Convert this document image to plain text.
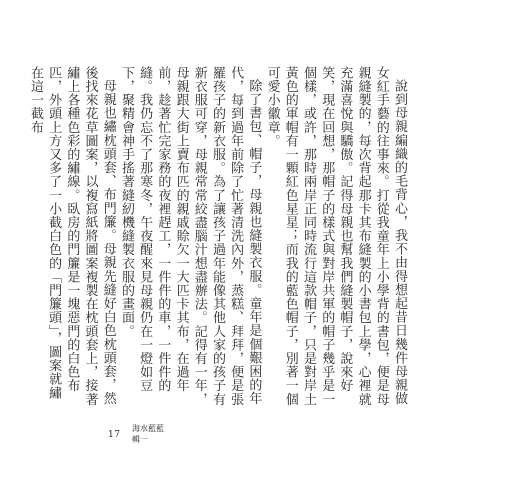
說到母親編織的毛背心，我不由得想起昔日幾件母親做女紅手藝的往事來。打從我童年上小學背的書包，便是母親縫製的，每次背起那卡其布縫製的小書包上學，心裡就充滿喜悅與驕傲。記得母親也幫我們縫製帽子，說來好笑，現在回想，那帽子的樣式與對岸共軍的帽子幾乎是一個樣，或許，那時兩岸正同時流行這款帽子，只是對岸土黃色的軍帽有一顆紅色星星；而我的藍色帽子，別著一個可愛小徽章。

除了書包、帽子，母親也縫製衣服。童年是個艱困的年代，每到過年前除了忙著清洗內外，蒸糕、拜拜，便是張羅孩子的新衣服。為了讓孩子過年能像其他人家的孩子有新衣服可穿，母親常常絞盡腦汁想盡辦法。記得有一年，母親跟大街上賣布匹的親戚賒欠一大匹卡其布，在過年前，趁著忙完家務的夜裡趕工，一件件的車，一件件的縫。我仍忘不了那寒冬，午夜醒來見母親仍在一燈如豆下，聚精會神手搖著縫紉機縫製衣服的畫面。

母親也繡枕頭套、布門簾。母親先縫好白色枕頭套，然後找來花草圖案，以複寫紙將圖案複製在枕頭套上，接著繡上各種色彩的繡線。臥房的門簾是一塊惡門的白色布匹，外頭上方又多了一小截白色的「門簾頭」，圖案就繡在這一截布

17
海水藍藍
輯一
